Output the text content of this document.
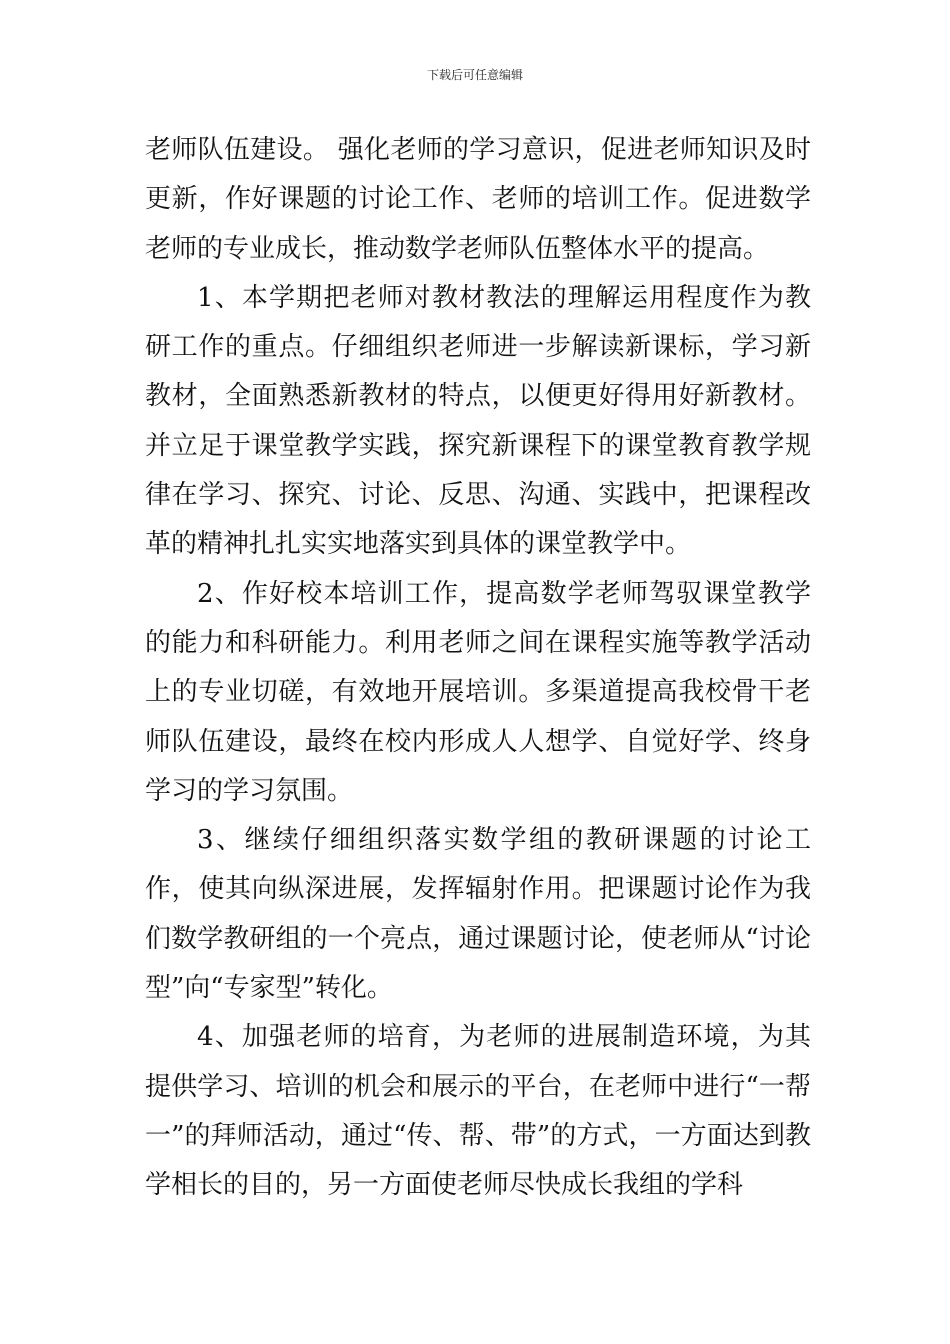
下载后可任意编辑

老师队伍建设。 强化老师的学习意识，促进老师知识及时更新，作好课题的讨论工作、老师的培训工作。促进数学老师的专业成长，推动数学老师队伍整体水平的提高。

1、本学期把老师对教材教法的理解运用程度作为教研工作的重点。仔细组织老师进一步解读新课标，学习新教材，全面熟悉新教材的特点，以便更好得用好新教材。并立足于课堂教学实践，探究新课程下的课堂教育教学规律在学习、探究、讨论、反思、沟通、实践中，把课程改革的精神扎扎实实地落实到具体的课堂教学中。

2、作好校本培训工作，提高数学老师驾驭课堂教学的能力和科研能力。利用老师之间在课程实施等教学活动上的专业切磋，有效地开展培训。多渠道提高我校骨干老师队伍建设，最终在校内形成人人想学、自觉好学、终身学习的学习氛围。

3、继续仔细组织落实数学组的教研课题的讨论工作，使其向纵深进展，发挥辐射作用。把课题讨论作为我们数学教研组的一个亮点，通过课题讨论，使老师从“讨论型”向“专家型”转化。

4、加强老师的培育，为老师的进展制造环境，为其提供学习、培训的机会和展示的平台，在老师中进行“一帮一”的拜师活动，通过“传、帮、带”的方式，一方面达到教学相长的目的，另一方面使老师尽快成长我组的学科
